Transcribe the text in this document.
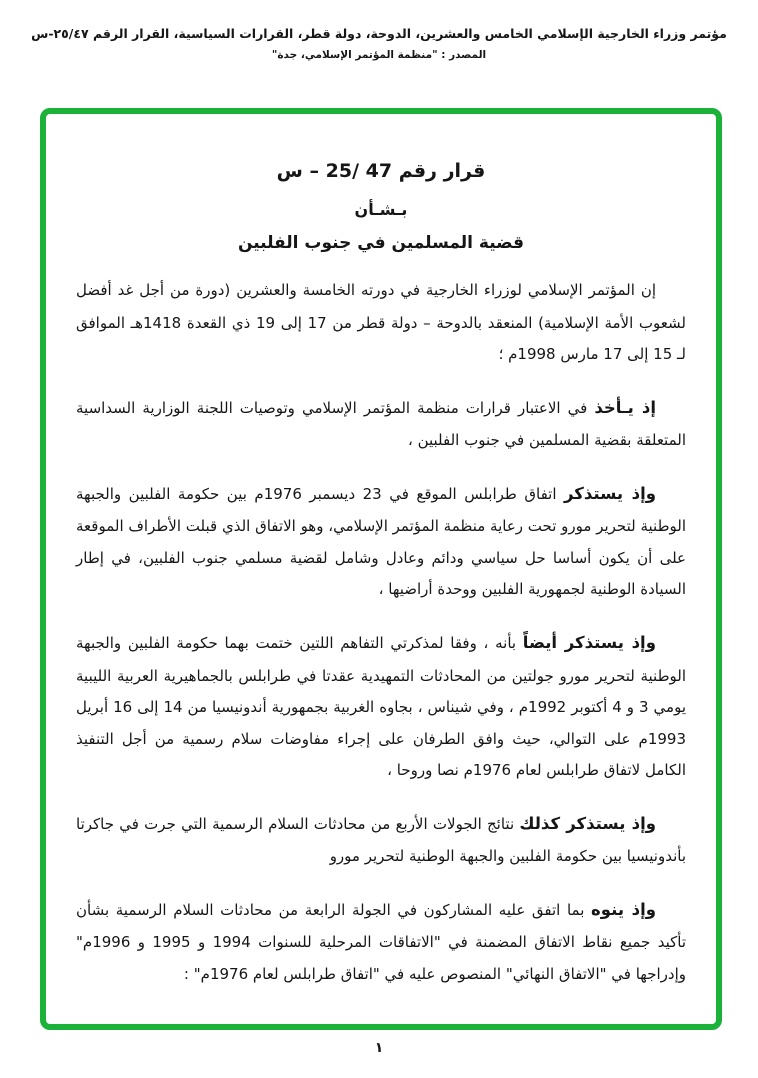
مؤتمر وزراء الخارجية الإسلامي الخامس والعشرين، الدوحة، دولة قطر، القرارات السياسية، القرار الرقم ٢٥/٤٧-س
المصدر : "منظمة المؤتمر الإسلامي، جدة"
قرار رقم 25/ 47 – س
بـشـأن
قضية المسلمين في جنوب الفلبين

إن المؤتمر الإسلامي لوزراء الخارجية في دورته الخامسة والعشرين (دورة من أجل غد أفضل لشعوب الأمة الإسلامية) المنعقد بالدوحة – دولة قطر من 17 إلى 19 ذي القعدة 1418هـ الموافق لـ 15 إلى 17 مارس 1998م ؛

إذ يـأخذ في الاعتبار قرارات منظمة المؤتمر الإسلامي وتوصيات اللجنة الوزارية السداسية المتعلقة بقضية المسلمين في جنوب الفلبين ،

وإذ يستذكر اتفاق طرابلس الموقع في 23 ديسمبر 1976م بين حكومة الفلبين والجبهة الوطنية لتحرير مورو تحت رعاية منظمة المؤتمر الإسلامي، وهو الاتفاق الذي قبلت الأطراف الموقعة على أن يكون أساسا حل سياسي ودائم وعادل وشامل لقضية مسلمي جنوب الفلبين، في إطار السيادة الوطنية لجمهورية الفلبين ووحدة أراضيها ،

وإذ يستذكر أيضاً بأنه ، وفقا لمذكرتي التفاهم اللتين ختمت بهما حكومة الفلبين والجبهة الوطنية لتحرير مورو جولتين من المحادثات التمهيدية عقدتا في طرابلس بالجماهيرية العربية الليبية يومي 3 و 4 أكتوبر 1992م ، وفي شيناس ، بجاوه الغربية بجمهورية أندونيسيا من 14 إلى 16 أبريل 1993م على التوالي، حيث وافق الطرفان على إجراء مفاوضات سلام رسمية من أجل التنفيذ الكامل لاتفاق طرابلس لعام 1976م نصا وروحا ،

وإذ يستذكر كذلك نتائج الجولات الأربع من محادثات السلام الرسمية التي جرت في جاكرتا بأندونيسيا بين حكومة الفلبين والجبهة الوطنية لتحرير مورو

وإذ ينوه بما اتفق عليه المشاركون في الجولة الرابعة من محادثات السلام الرسمية بشأن تأكيد جميع نقاط الاتفاق المضمنة في "الاتفاقات المرحلية للسنوات 1994 و 1995 و 1996م" وإدراجها في "الاتفاق النهائي" المنصوص عليه في "اتفاق طرابلس لعام 1976م" :

١
